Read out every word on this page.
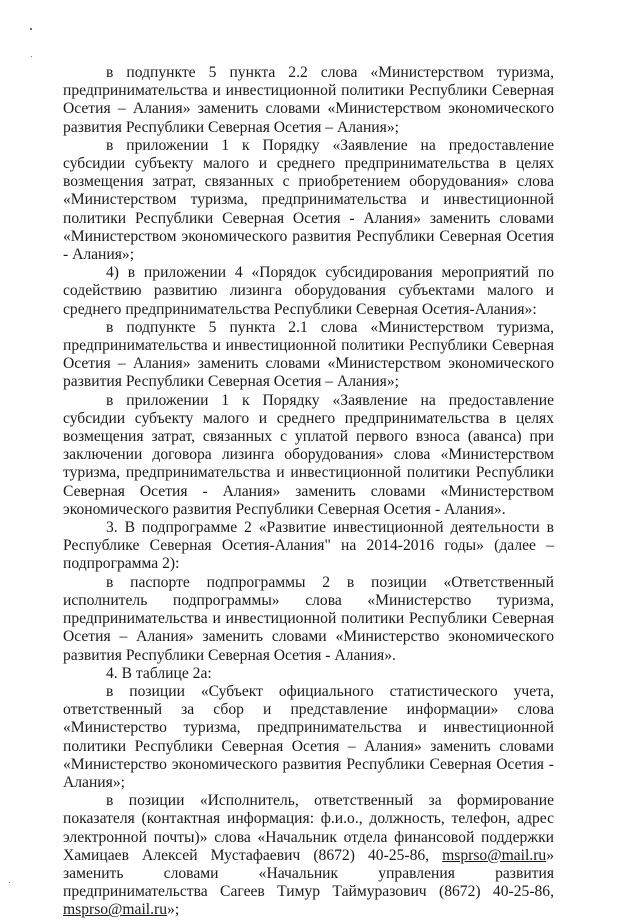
в подпункте 5 пункта 2.2 слова «Министерством туризма, предпринимательства и инвестиционной политики Республики Северная Осетия – Алания» заменить словами «Министерством экономического развития Республики Северная Осетия – Алания»;

в приложении 1 к Порядку «Заявление на предоставление субсидии субъекту малого и среднего предпринимательства в целях возмещения затрат, связанных с приобретением оборудования» слова «Министерством туризма, предпринимательства и инвестиционной политики Республики Северная Осетия - Алания» заменить словами «Министерством экономического развития Республики Северная Осетия - Алания»;

4) в приложении 4 «Порядок субсидирования мероприятий по содействию развитию лизинга оборудования субъектами малого и среднего предпринимательства Республики Северная Осетия-Алания»:

в подпункте 5 пункта 2.1 слова «Министерством туризма, предпринимательства и инвестиционной политики Республики Северная Осетия – Алания» заменить словами «Министерством экономического развития Республики Северная Осетия – Алания»;

в приложении 1 к Порядку «Заявление на предоставление субсидии субъекту малого и среднего предпринимательства в целях возмещения затрат, связанных с уплатой первого взноса (аванса) при заключении договора лизинга оборудования» слова «Министерством туризма, предпринимательства и инвестиционной политики Республики Северная Осетия - Алания» заменить словами «Министерством экономического развития Республики Северная Осетия - Алания».

3. В подпрограмме 2 «Развитие инвестиционной деятельности в Республике Северная Осетия-Алания" на 2014-2016 годы» (далее – подпрограмма 2):

в паспорте подпрограммы 2 в позиции «Ответственный исполнитель подпрограммы» слова «Министерство туризма, предпринимательства и инвестиционной политики Республики Северная Осетия – Алания» заменить словами «Министерство экономического развития Республики Северная Осетия - Алания».

4. В таблице 2а:

в позиции «Субъект официального статистического учета, ответственный за сбор и представление информации» слова «Министерство туризма, предпринимательства и инвестиционной политики Республики Северная Осетия – Алания» заменить словами «Министерство экономического развития Республики Северная Осетия - Алания»;

в позиции «Исполнитель, ответственный за формирование показателя (контактная информация: ф.и.о., должность, телефон, адрес электронной почты)» слова «Начальник отдела финансовой поддержки Хамицаев Алексей Мустафаевич (8672) 40-25-86, msprso@mail.ru» заменить словами «Начальник управления развития предпринимательства Сагеев Тимур Таймуразович (8672) 40-25-86, msprso@mail.ru»;
